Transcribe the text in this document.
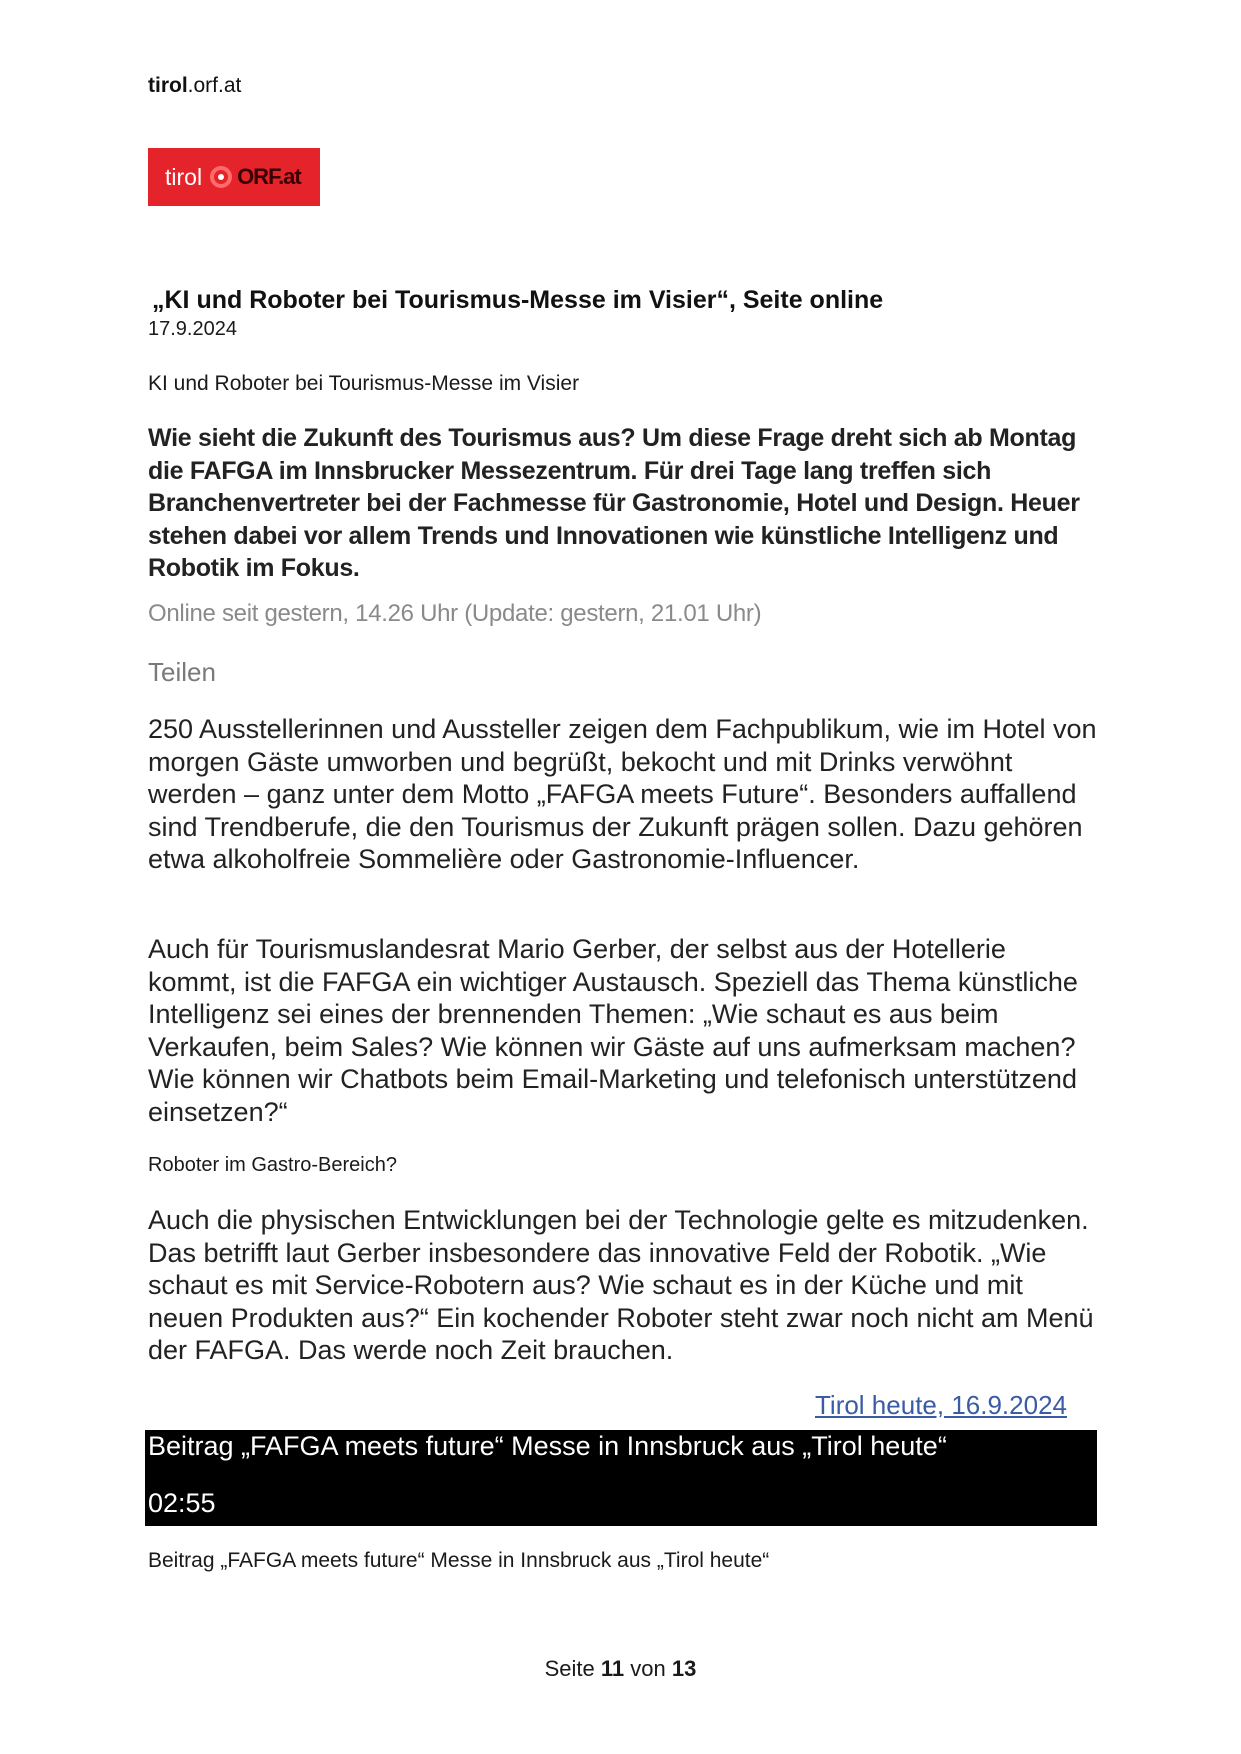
tirol.orf.at
tirol ORF.at
„KI und Roboter bei Tourismus-Messe im Visier“, Seite online
17.9.2024
KI und Roboter bei Tourismus-Messe im Visier
Wie sieht die Zukunft des Tourismus aus? Um diese Frage dreht sich ab Montag die FAFGA im Innsbrucker Messezentrum. Für drei Tage lang treffen sich Branchenvertreter bei der Fachmesse für Gastronomie, Hotel und Design. Heuer stehen dabei vor allem Trends und Innovationen wie künstliche Intelligenz und Robotik im Fokus.
Online seit gestern, 14.26 Uhr (Update: gestern, 21.01 Uhr)
Teilen
250 Ausstellerinnen und Aussteller zeigen dem Fachpublikum, wie im Hotel von morgen Gäste umworben und begrüßt, bekocht und mit Drinks verwöhnt werden – ganz unter dem Motto „FAFGA meets Future“. Besonders auffallend sind Trendberufe, die den Tourismus der Zukunft prägen sollen. Dazu gehören etwa alkoholfreie Sommelière oder Gastronomie-Influencer.
Auch für Tourismuslandesrat Mario Gerber, der selbst aus der Hotellerie kommt, ist die FAFGA ein wichtiger Austausch. Speziell das Thema künstliche Intelligenz sei eines der brennenden Themen: „Wie schaut es aus beim Verkaufen, beim Sales? Wie können wir Gäste auf uns aufmerksam machen? Wie können wir Chatbots beim Email-Marketing und telefonisch unterstützend einsetzen?“
Roboter im Gastro-Bereich?
Auch die physischen Entwicklungen bei der Technologie gelte es mitzudenken. Das betrifft laut Gerber insbesondere das innovative Feld der Robotik. „Wie schaut es mit Service-Robotern aus? Wie schaut es in der Küche und mit neuen Produkten aus?“ Ein kochender Roboter steht zwar noch nicht am Menü der FAFGA. Das werde noch Zeit brauchen.
Tirol heute, 16.9.2024
Beitrag „FAFGA meets future“ Messe in Innsbruck aus „Tirol heute“
02:55
Beitrag „FAFGA meets future“ Messe in Innsbruck aus „Tirol heute“
Seite 11 von 13
